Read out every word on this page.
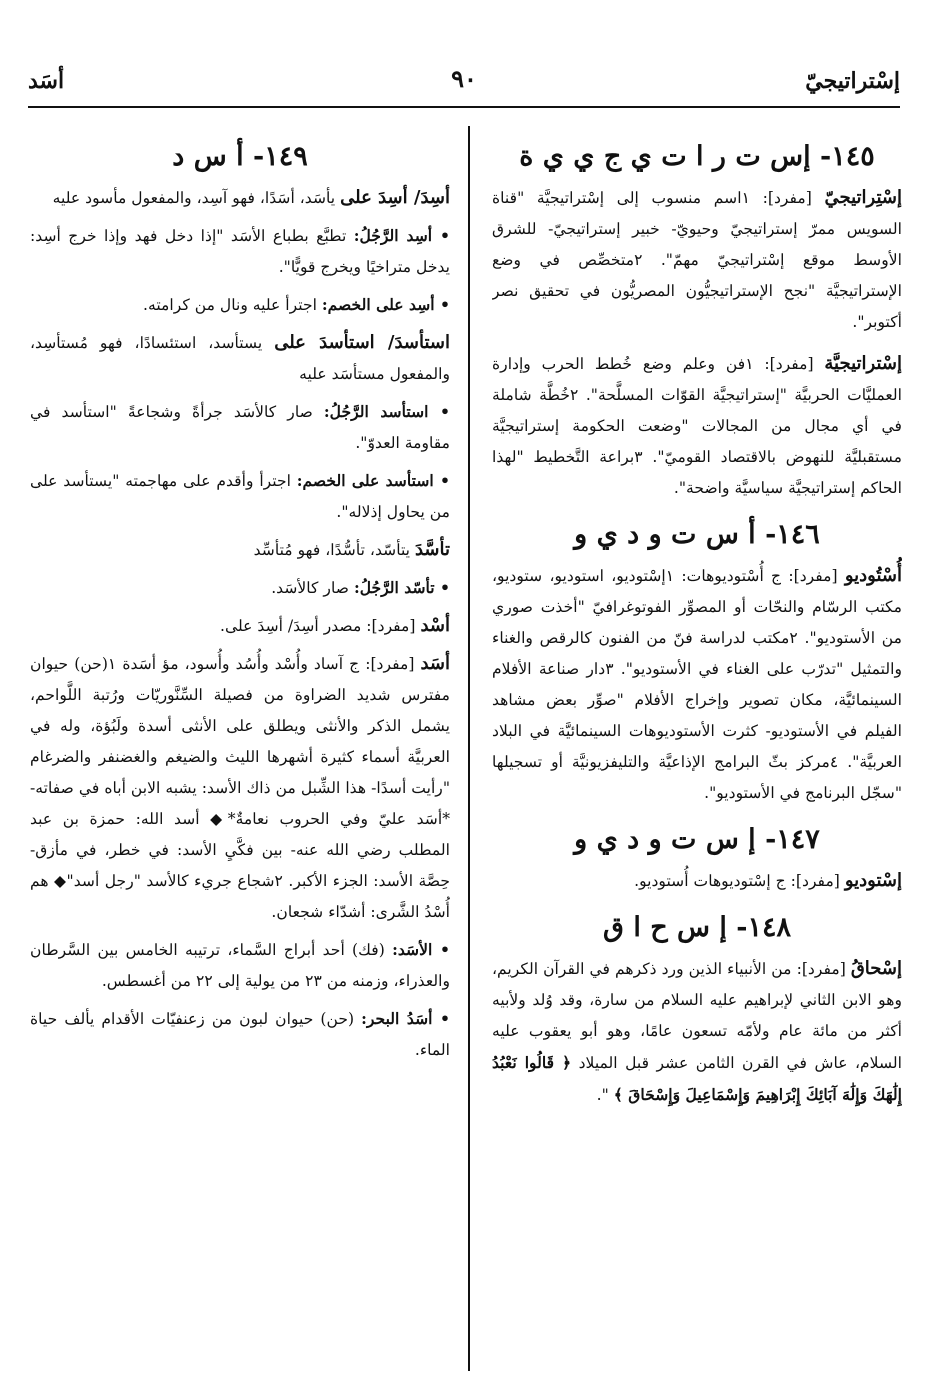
إسْتراتيجيّ
٩٠
أسَد
١٤٥- إس ت ر ا ت ي ج ي ي ة

إسْتِراتيجيّ [مفرد]: ١اسم منسوب إلى إسْتراتيجيَّة "قناة السويس ممرّ إستراتيجيّ وحيويّ- خبير إستراتيجيّ- للشرق الأوسط موقع إسْتراتيجيّ مهمّ". ٢متخصِّص في وضع الإستراتيجيَّة "نجح الإستراتيجيُّون المصريُّون في تحقيق نصر أكتوبر".

إسْتراتيجيَّة [مفرد]: ١فن وعلم وضع خُطط الحرب وإدارة العمليَّات الحربيَّة "إستراتيجيَّة القوّات المسلَّحة". ٢خُطَّة شاملة في أي مجال من المجالات "وضعت الحكومة إستراتيجيَّة مستقبليَّة للنهوض بالاقتصاد القوميّ". ٣براعة التَّخطيط "لهذا الحاكم إستراتيجيَّة سياسيَّة واضحة".

١٤٦- أ س ت و د ي و

أُسْتُوديو [مفرد]: ج أُسْتوديوهات: ١إسْتوديو، استوديو، ستوديو، مكتب الرسّام والنحّات أو المصوِّر الفوتوغرافيّ "أخذت صوري من الأستوديو". ٢مكتب لدراسة فنّ من الفنون كالرقص والغناء والتمثيل "تدرّب على الغناء في الأستوديو". ٣دار صناعة الأفلام السينمائيَّة، مكان تصوير وإخراج الأفلام "صوِّر بعض مشاهد الفيلم في الأستوديو- كثرت الأستوديوهات السينمائيَّة في البلاد العربيَّة". ٤مركز بثّ البرامج الإذاعيَّة والتليفزيونيَّة أو تسجيلها "سجّل البرنامج في الأستوديو".

١٤٧- إ س ت و د ي و

إسْتوديو [مفرد]: ج إسْتوديوهات أُستوديو.

١٤٨- إ س ح ا ق

إسْحاقُ [مفرد]: من الأنبياء الذين ورد ذكرهم في القرآن الكريم، وهو الابن الثاني لإبراهيم عليه السلام من سارة، وقد وُلد ولأبيه أكثر من مائة عام ولأمّه تسعون عامًا، وهو أبو يعقوب عليه السلام، عاش في القرن الثامن عشر قبل الميلاد ﴿ قَالُوا نَعْبُدُ إِلَٰهَكَ وَإِلَٰهَ آبَائِكَ إِبْرَاهِيمَ وَإِسْمَاعِيلَ وَإِسْحَاقَ ﴾ ".

١٤٩- أ س د

أسِدَ/ أسِدَ على يأسَد، أسَدًا، فهو آسِد، والمفعول مأسود عليه

• أسِد الرَّجُلُ: تطبَّع بطباع الأسَد "إذا دخل فهد وإذا خرج أسِد: يدخل متراخيًا ويخرج قويًّا".

• أسِد على الخصم: اجترأ عليه ونال من كرامته.

استأسدَ/ استأسدَ على يستأسد، استئسادًا، فهو مُستأسِد، والمفعول مستأسَد عليه

• استأسد الرَّجُلُ: صار كالأسَد جرأةً وشجاعةً "استأسد في مقاومة العدوّ".

• استأسد على الخصم: اجترأ وأقدم على مهاجمته "يستأسد على من يحاول إذلاله".

تأسَّدَ يتأسّد، تأسُّدًا، فهو مُتأسِّد

• تأسّد الرَّجُلُ: صار كالأسَد.

أسْد [مفرد]: مصدر أسِدَ/ أسِدَ على.

أسَد [مفرد]: ج آساد وأُسْد وأُسُد وأُسود، مؤ أسَدة ١(حن) حيوان مفترس شديد الضراوة من فصيلة السِّنَّوريّات ورُتبة اللَّواحم، يشمل الذكر والأنثى ويطلق على الأنثى أسدة ولَبُؤة، وله في العربيَّة أسماء كثيرة أشهرها الليث والضيغم والغضنفر والضرغام "رأيت أسدًا- هذا الشِّبل من ذاك الأسد: يشبه الابن أباه في صفاته- *أسَد عليّ وفي الحروب نعامةٌ*◆ أسد الله: حمزة بن عبد المطلب رضي الله عنه- بين فكَّيِ الأسد: في خطر، في مأزق- حِصَّة الأسد: الجزء الأكبر. ٢شجاع جريء كالأسد "رجل أسد"◆ هم أُسْدُ الشَّرى: أشدّاء شجعان.

• الأسَد: (فك) أحد أبراج السَّماء، ترتيبه الخامس بين السَّرطان والعذراء، وزمنه من ٢٣ من يولية إلى ٢٢ من أغسطس.

• أسَدُ البحر: (حن) حيوان لبون من زعنفيّات الأقدام يألف حياة الماء.
